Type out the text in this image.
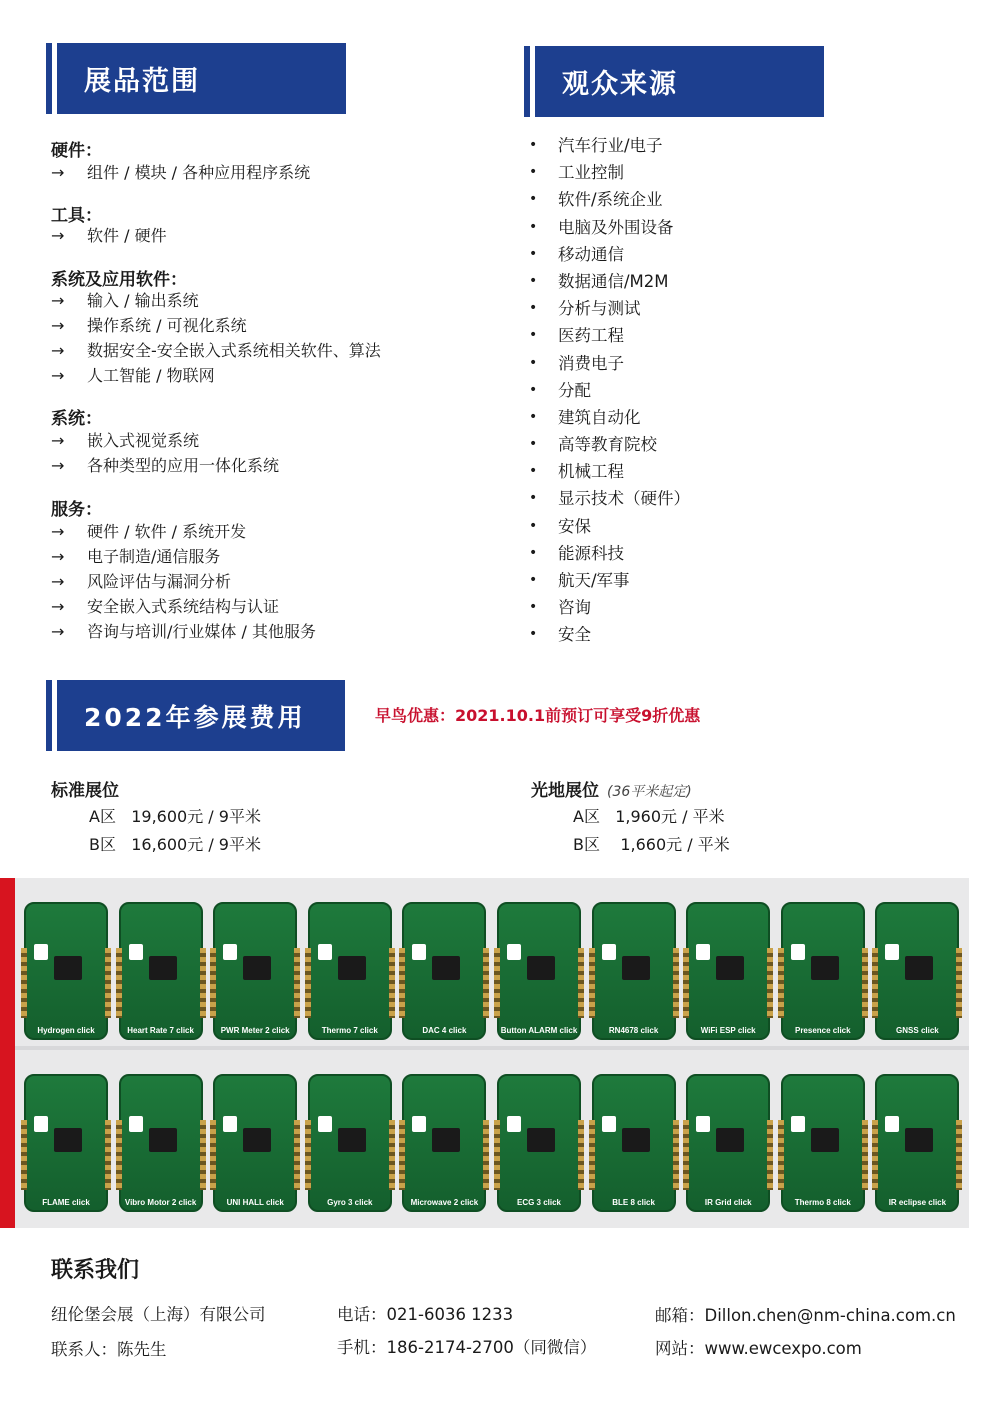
展品范围	观众来源
硬件：
→	组件 / 模块 / 各种应用程序系统
工具：
→	软件 / 硬件
系统及应用软件：
→	输入 / 输出系统
→	操作系统 / 可视化系统
→	数据安全-安全嵌入式系统相关软件、算法
→	人工智能 / 物联网
系统：
→	嵌入式视觉系统
→	各种类型的应用一体化系统
服务：
→	硬件 / 软件 / 系统开发
→	电子制造/通信服务
→	风险评估与漏洞分析
→	安全嵌入式系统结构与认证
→	咨询与培训/行业媒体 / 其他服务
•	汽车行业/电子
•	工业控制
•	软件/系统企业
•	电脑及外围设备
•	移动通信
•	数据通信/M2M
•	分析与测试
•	医药工程
•	消费电子
•	分配
•	建筑自动化
•	高等教育院校
•	机械工程
•	显示技术（硬件）
•	安保
•	能源科技
•	航天/军事
•	咨询
•	安全
2022年参展费用	早鸟优惠：2021.10.1前预订可享受9折优惠
标准展位
A区 19,600元 / 9平米
B区 16,600元 / 9平米
光地展位 (36平米起定)
A区 1,960元 / 平米
B区    1,660元 / 平米
Hydrogen click	Heart Rate 7 click	PWR Meter 2 click	Thermo 7 click	DAC 4 click	Button ALARM click	RN4678 click	WiFi ESP click	Presence click	GNSS click
FLAME click	Vibro Motor 2 click	UNI HALL click	Gyro 3 click	Microwave 2 click	ECG 3 click	BLE 8 click	IR Grid click	Thermo 8 click	IR eclipse click
联系我们
纽伦堡会展（上海）有限公司
联系人：陈先生
电话：021-6036 1233
手机：186-2174-2700（同微信）
邮箱：Dillon.chen@nm-china.com.cn
网站：www.ewcexpo.com
